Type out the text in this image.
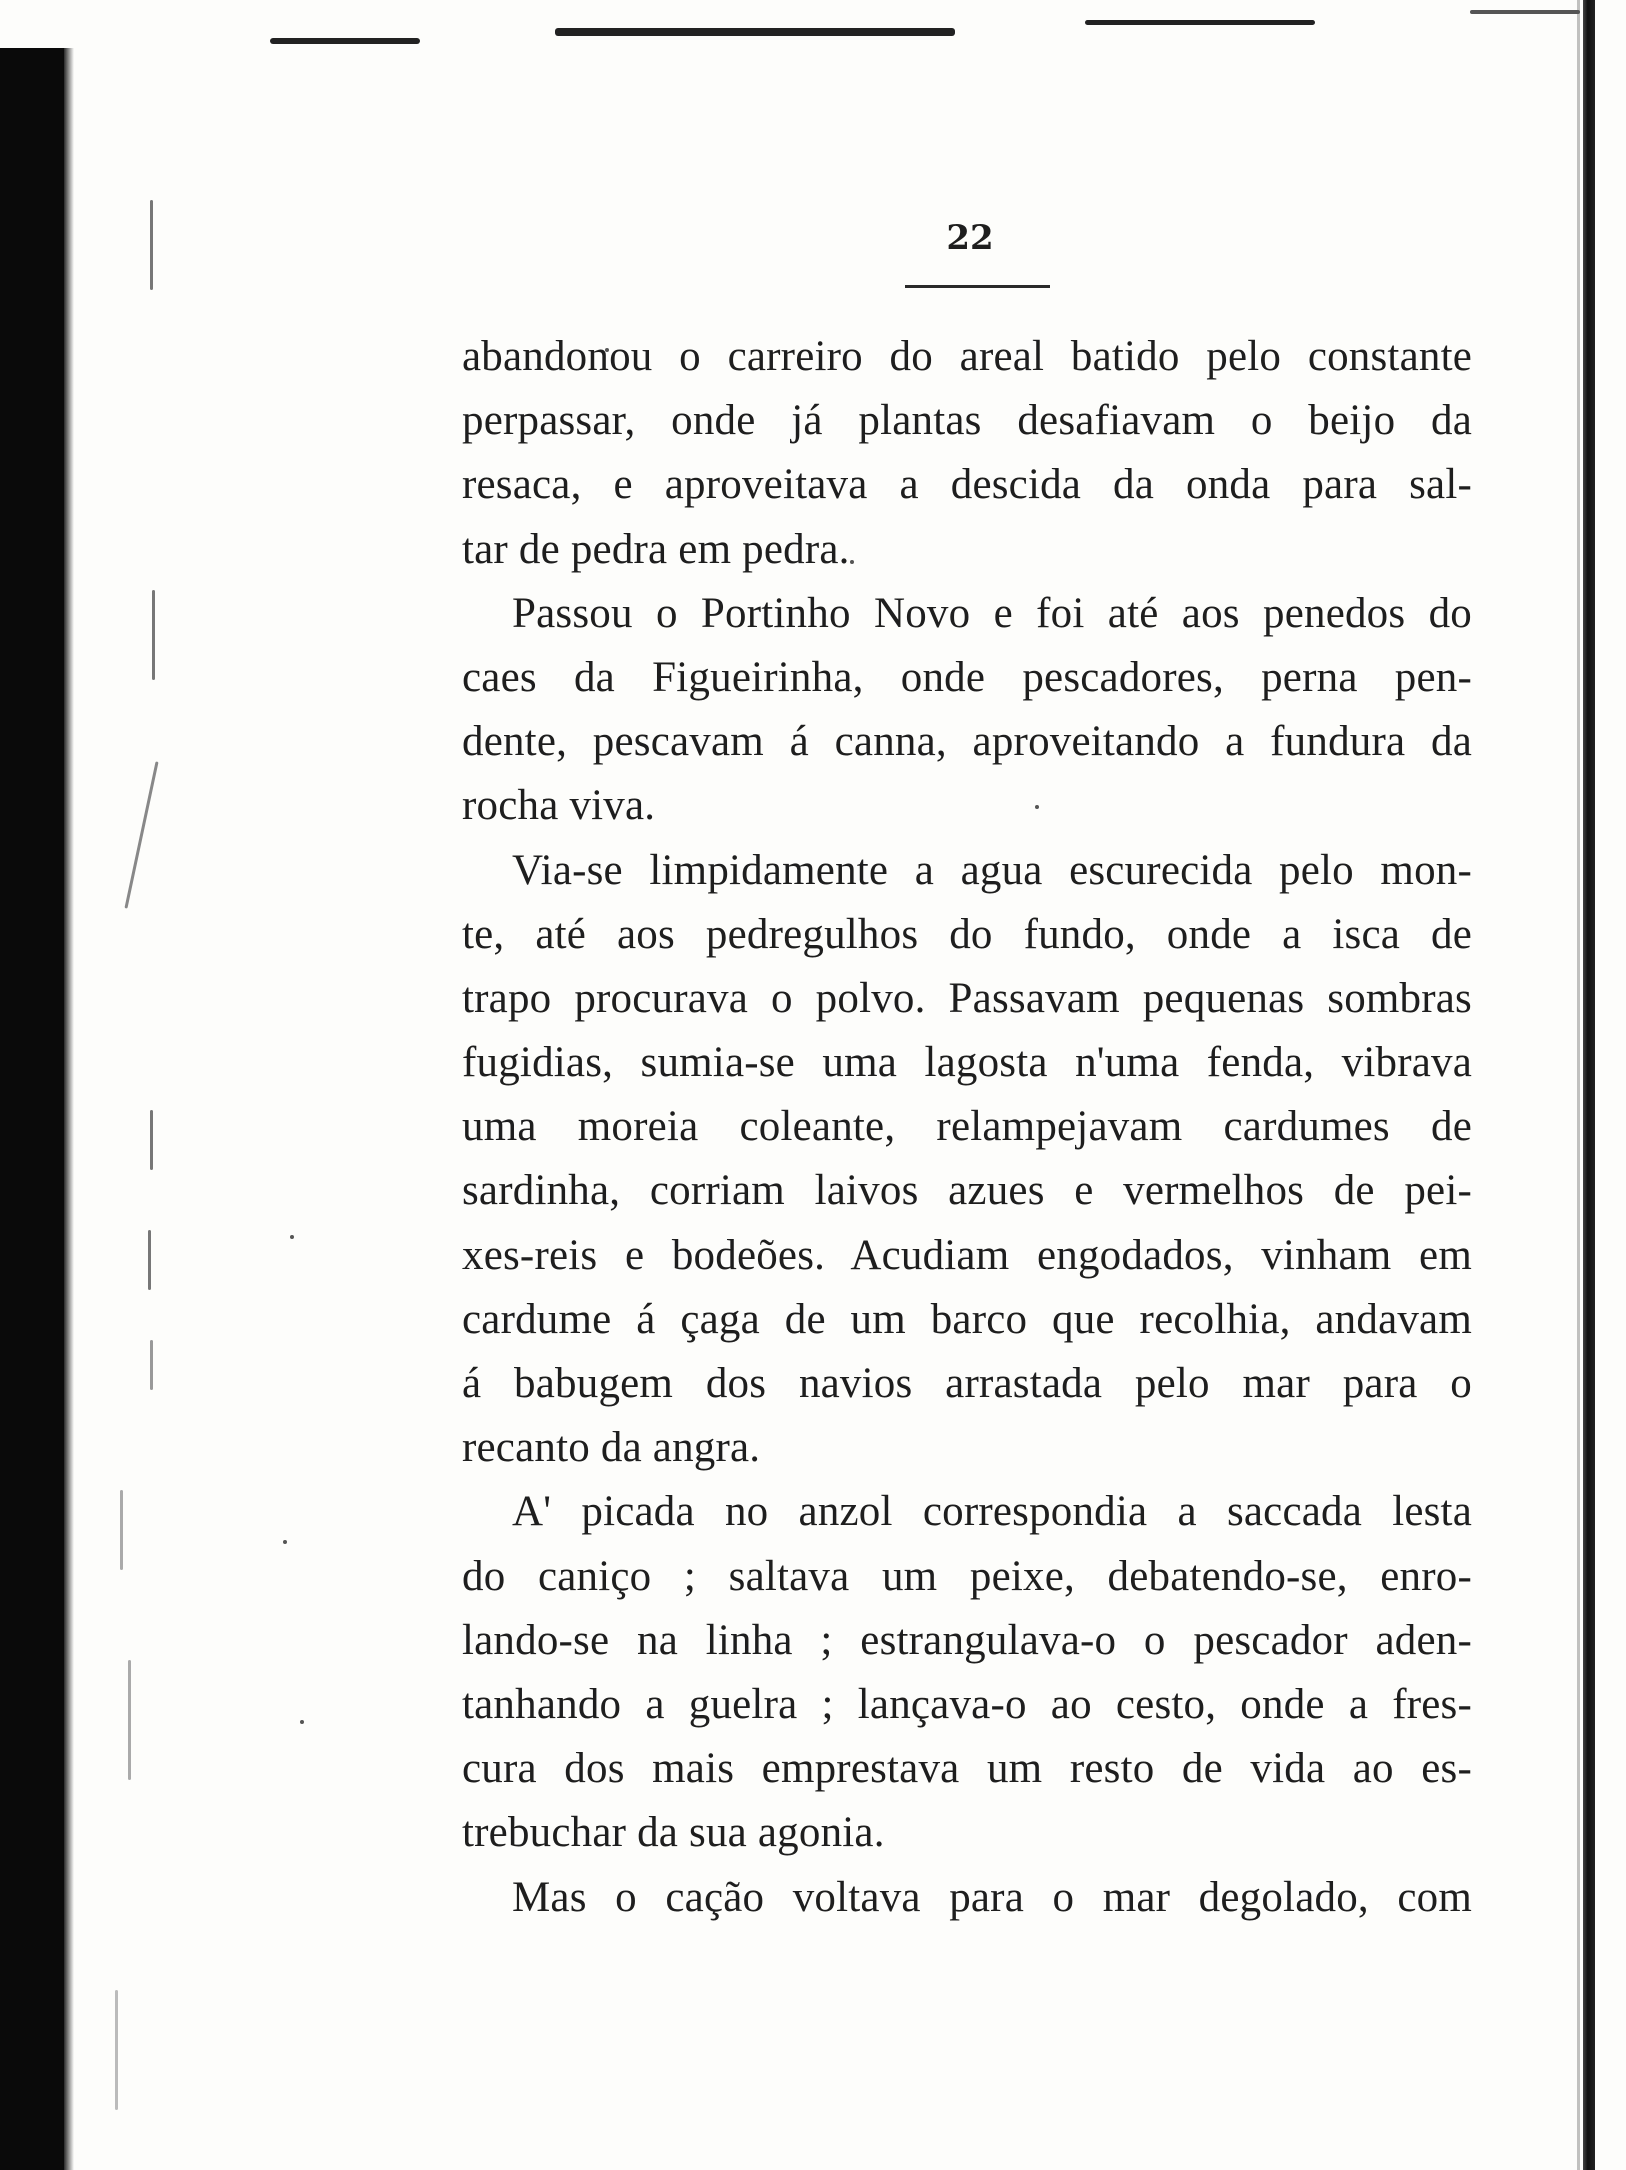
22
abandonou o carreiro do areal batido pelo constante
perpassar, onde já plantas desafiavam o beijo da
resaca, e aproveitava a descida da onda para sal-
tar de pedra em pedra.
Passou o Portinho Novo e foi até aos penedos do
caes da Figueirinha, onde pescadores, perna pen-
dente, pescavam á canna, aproveitando a fundura da
rocha viva.
Via-se limpidamente a agua escurecida pelo mon-
te, até aos pedregulhos do fundo, onde a isca de
trapo procurava o polvo. Passavam pequenas sombras
fugidias, sumia-se uma lagosta n'uma fenda, vibrava
uma moreia coleante, relampejavam cardumes de
sardinha, corriam laivos azues e vermelhos de pei-
xes-reis e bodeões. Acudiam engodados, vinham em
cardume á çaga de um barco que recolhia, andavam
á babugem dos navios arrastada pelo mar para o
recanto da angra.
A' picada no anzol correspondia a saccada lesta
do caniço ; saltava um peixe, debatendo-se, enro-
lando-se na linha ; estrangulava-o o pescador aden-
tanhando a guelra ; lançava-o ao cesto, onde a fres-
cura dos mais emprestava um resto de vida ao es-
trebuchar da sua agonia.
Mas o cação voltava para o mar degolado, com
